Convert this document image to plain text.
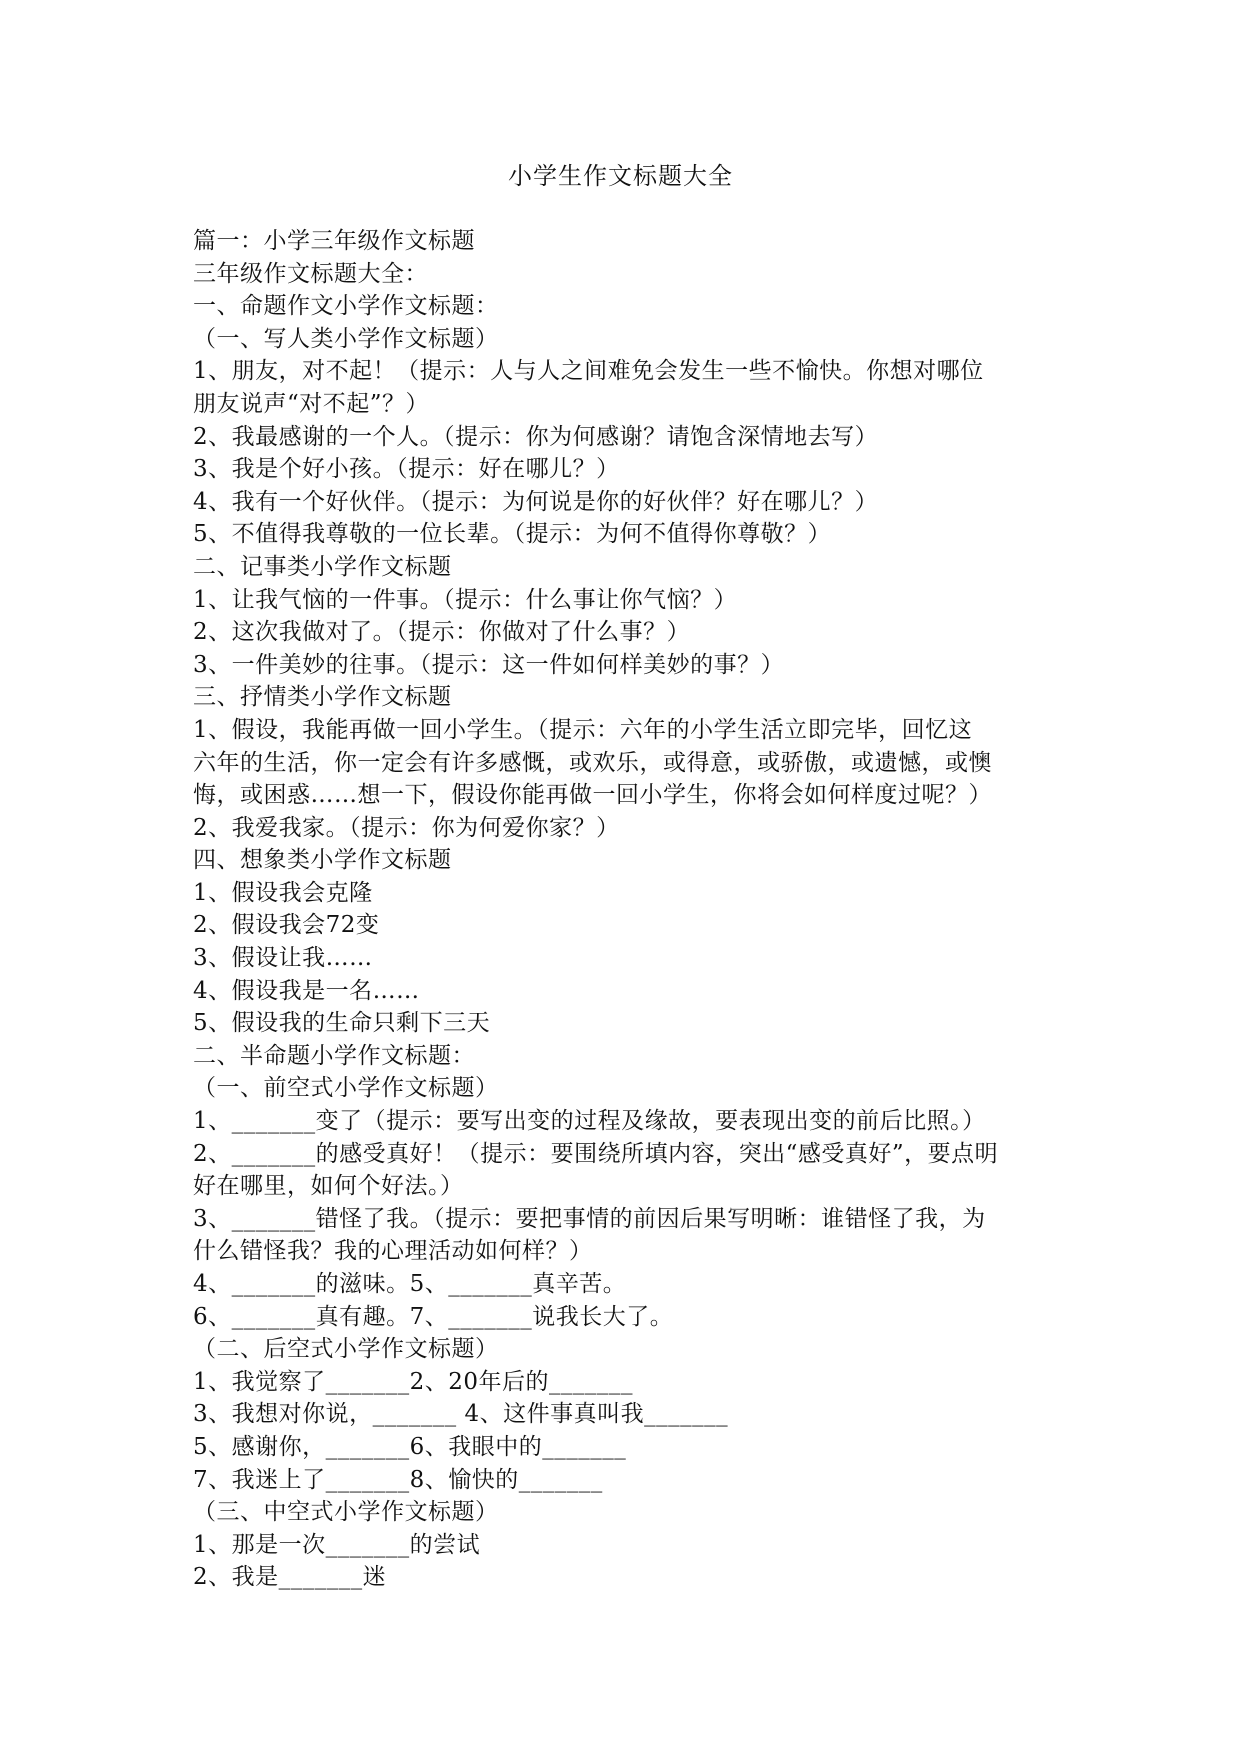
小学生作文标题大全
篇一：小学三年级作文标题
三年级作文标题大全：
一、命题作文小学作文标题：
（一、写人类小学作文标题）
1、朋友，对不起！（提示：人与人之间难免会发生一些不愉快。你想对哪位
朋友说声“对不起”？）
2、我最感谢的一个人。（提示：你为何感谢？请饱含深情地去写）
3、我是个好小孩。（提示：好在哪儿？）
4、我有一个好伙伴。（提示：为何说是你的好伙伴？好在哪儿？）
5、不值得我尊敬的一位长辈。（提示：为何不值得你尊敬？）
二、记事类小学作文标题
1、让我气恼的一件事。（提示：什么事让你气恼？）
2、这次我做对了。（提示：你做对了什么事？）
3、一件美妙的往事。（提示：这一件如何样美妙的事？）
三、抒情类小学作文标题
1、假设，我能再做一回小学生。（提示：六年的小学生活立即完毕，回忆这
六年的生活，你一定会有许多感慨，或欢乐，或得意，或骄傲，或遗憾，或懊
悔，或困惑……想一下，假设你能再做一回小学生，你将会如何样度过呢？）
2、我爱我家。（提示：你为何爱你家？）
四、想象类小学作文标题
1、假设我会克隆
2、假设我会72变
3、假设让我……
4、假设我是一名……
5、假设我的生命只剩下三天
二、半命题小学作文标题：
（一、前空式小学作文标题）
1、_______变了（提示：要写出变的过程及缘故，要表现出变的前后比照。）
2、_______的感受真好！（提示：要围绕所填内容，突出“感受真好”，要点明
好在哪里，如何个好法。）
3、_______错怪了我。（提示：要把事情的前因后果写明晰：谁错怪了我，为
什么错怪我？我的心理活动如何样？）
4、_______的滋味。5、_______真辛苦。
6、_______真有趣。7、_______说我长大了。
（二、后空式小学作文标题）
1、我觉察了_______2、20年后的_______
3、我想对你说，_______ 4、这件事真叫我_______
5、感谢你，_______6、我眼中的_______
7、我迷上了_______8、愉快的_______
（三、中空式小学作文标题）
1、那是一次_______的尝试
2、我是_______迷
